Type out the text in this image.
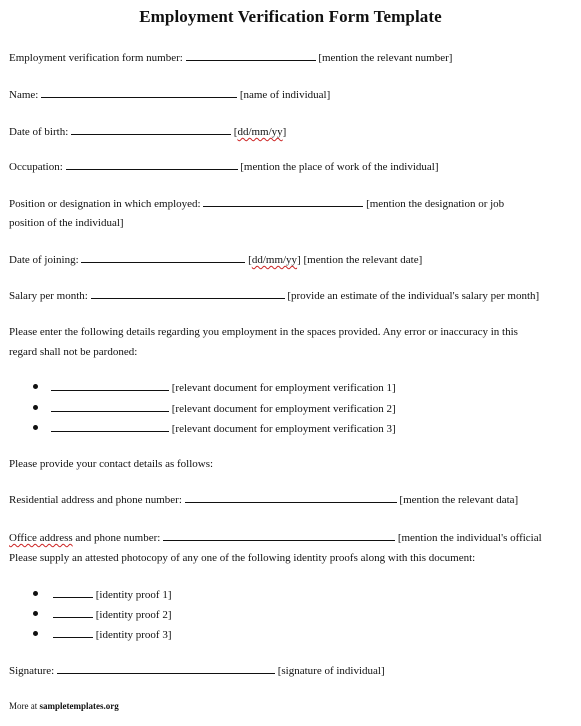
Employment Verification Form Template
Employment verification form number:	[mention the relevant number]
Name:	[name of individual]
Date of birth:	[dd/mm/yy]
Occupation:	[mention the place of work of the individual]
Position or designation in which employed:	[mention the designation or job
position of the individual]
Date of joining:	[dd/mm/yy] [mention the relevant date]
Salary per month:	[provide an estimate of the individual's salary per month]
Please enter the following details regarding you employment in the spaces provided. Any error or inaccuracy in this
regard shall not be pardoned:
[relevant document for employment verification 1]
[relevant document for employment verification 2]
[relevant document for employment verification 3]
Please provide your contact details as follows:
Residential address and phone number:	[mention the relevant data]
Office address and phone number:	[mention the individual's official
Please supply an attested photocopy of any one of the following identity proofs along with this document:
[identity proof 1]
[identity proof 2]
[identity proof 3]
Signature:	[signature of individual]
More at sampletemplates.org
